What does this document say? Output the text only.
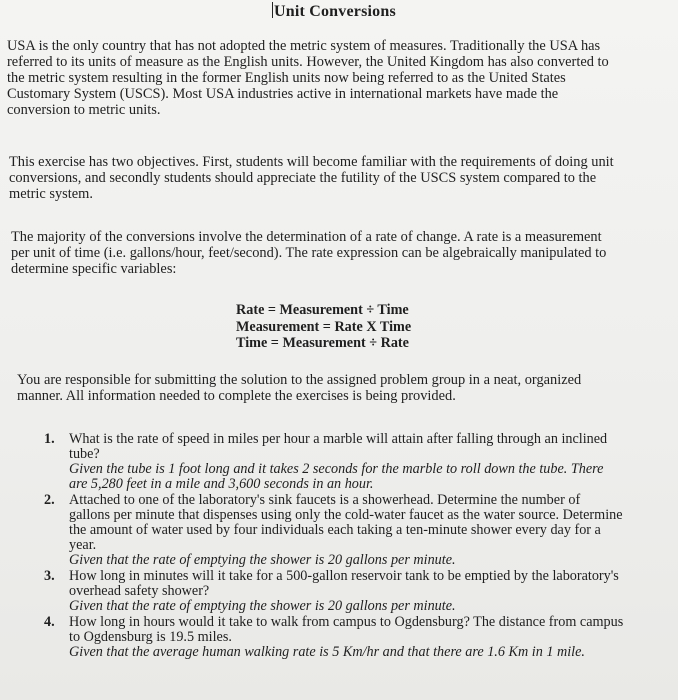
Unit Conversions
USA is the only country that has not adopted the metric system of measures. Traditionally the USA has
referred to its units of measure as the English units. However, the United Kingdom has also converted to
the metric system resulting in the former English units now being referred to as the United States
Customary System (USCS). Most USA industries active in international markets have made the
conversion to metric units.
This exercise has two objectives. First, students will become familiar with the requirements of doing unit
conversions, and secondly students should appreciate the futility of the USCS system compared to the
metric system.
The majority of the conversions involve the determination of a rate of change. A rate is a measurement
per unit of time (i.e. gallons/hour, feet/second). The rate expression can be algebraically manipulated to
determine specific variables:
Rate = Measurement ÷ Time
Measurement = Rate X Time
Time = Measurement ÷ Rate
You are responsible for submitting the solution to the assigned problem group in a neat, organized
manner. All information needed to complete the exercises is being provided.
1. What is the rate of speed in miles per hour a marble will attain after falling through an inclined
tube?
Given the tube is 1 foot long and it takes 2 seconds for the marble to roll down the tube. There
are 5,280 feet in a mile and 3,600 seconds in an hour.
2. Attached to one of the laboratory's sink faucets is a showerhead. Determine the number of
gallons per minute that dispenses using only the cold-water faucet as the water source. Determine
the amount of water used by four individuals each taking a ten-minute shower every day for a
year.
Given that the rate of emptying the shower is 20 gallons per minute.
3. How long in minutes will it take for a 500-gallon reservoir tank to be emptied by the laboratory's
overhead safety shower?
Given that the rate of emptying the shower is 20 gallons per minute.
4. How long in hours would it take to walk from campus to Ogdensburg? The distance from campus
to Ogdensburg is 19.5 miles.
Given that the average human walking rate is 5 Km/hr and that there are 1.6 Km in 1 mile.
